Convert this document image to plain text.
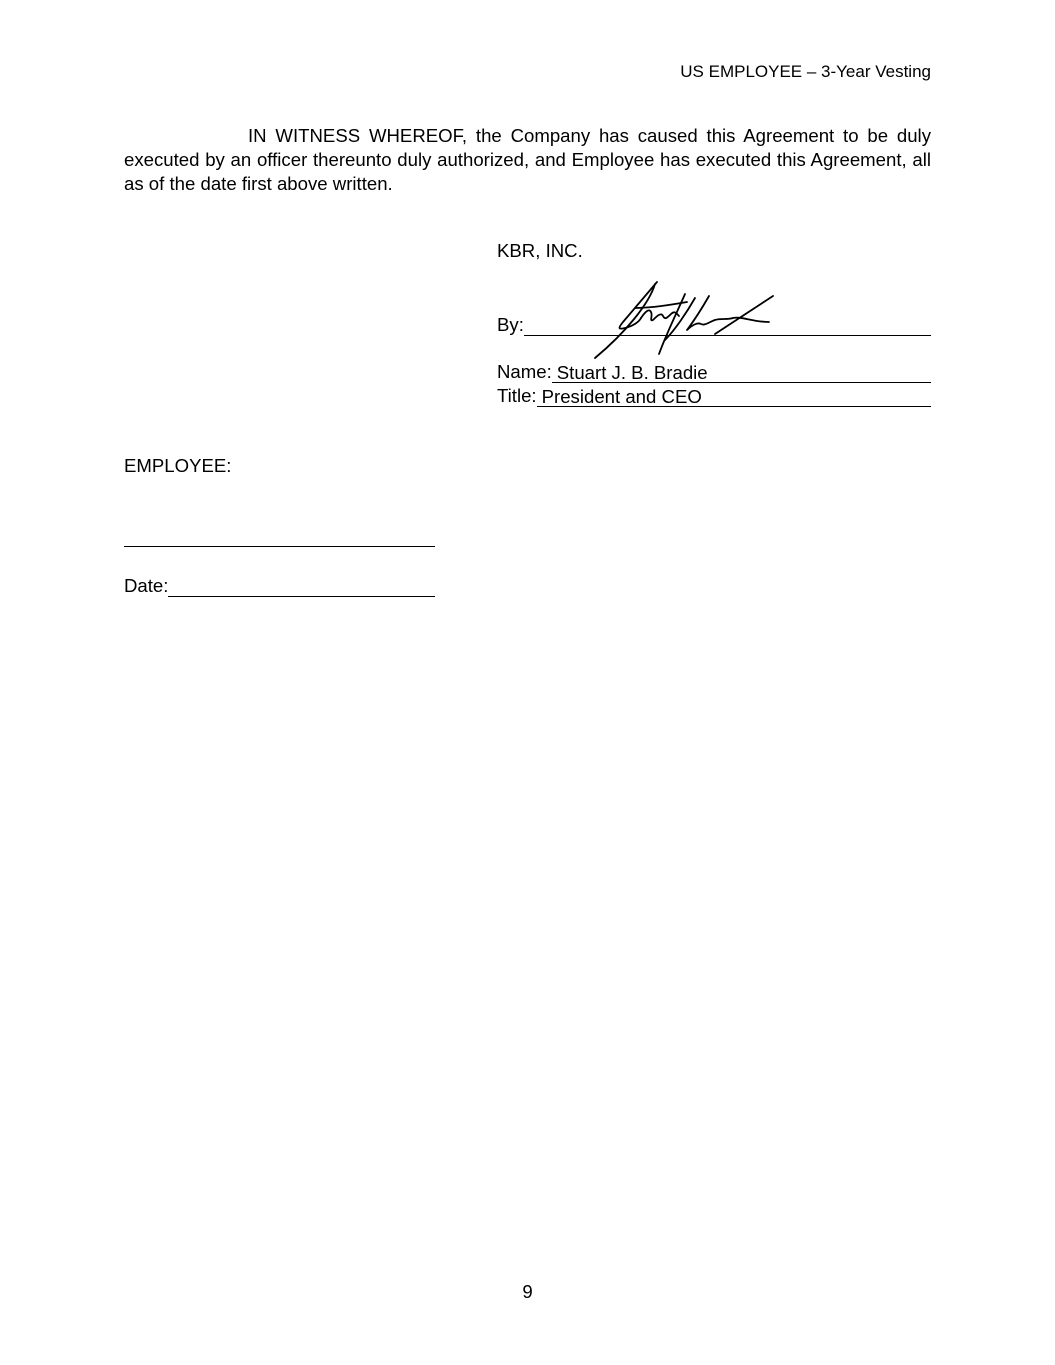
US EMPLOYEE – 3-Year Vesting
IN WITNESS WHEREOF, the Company has caused this Agreement to be duly executed by an officer thereunto duly authorized, and Employee has executed this Agreement, all as of the date first above written.
KBR, INC.
By:
Name: Stuart J. B. Bradie
Title: President and CEO
EMPLOYEE:
Date:
9
